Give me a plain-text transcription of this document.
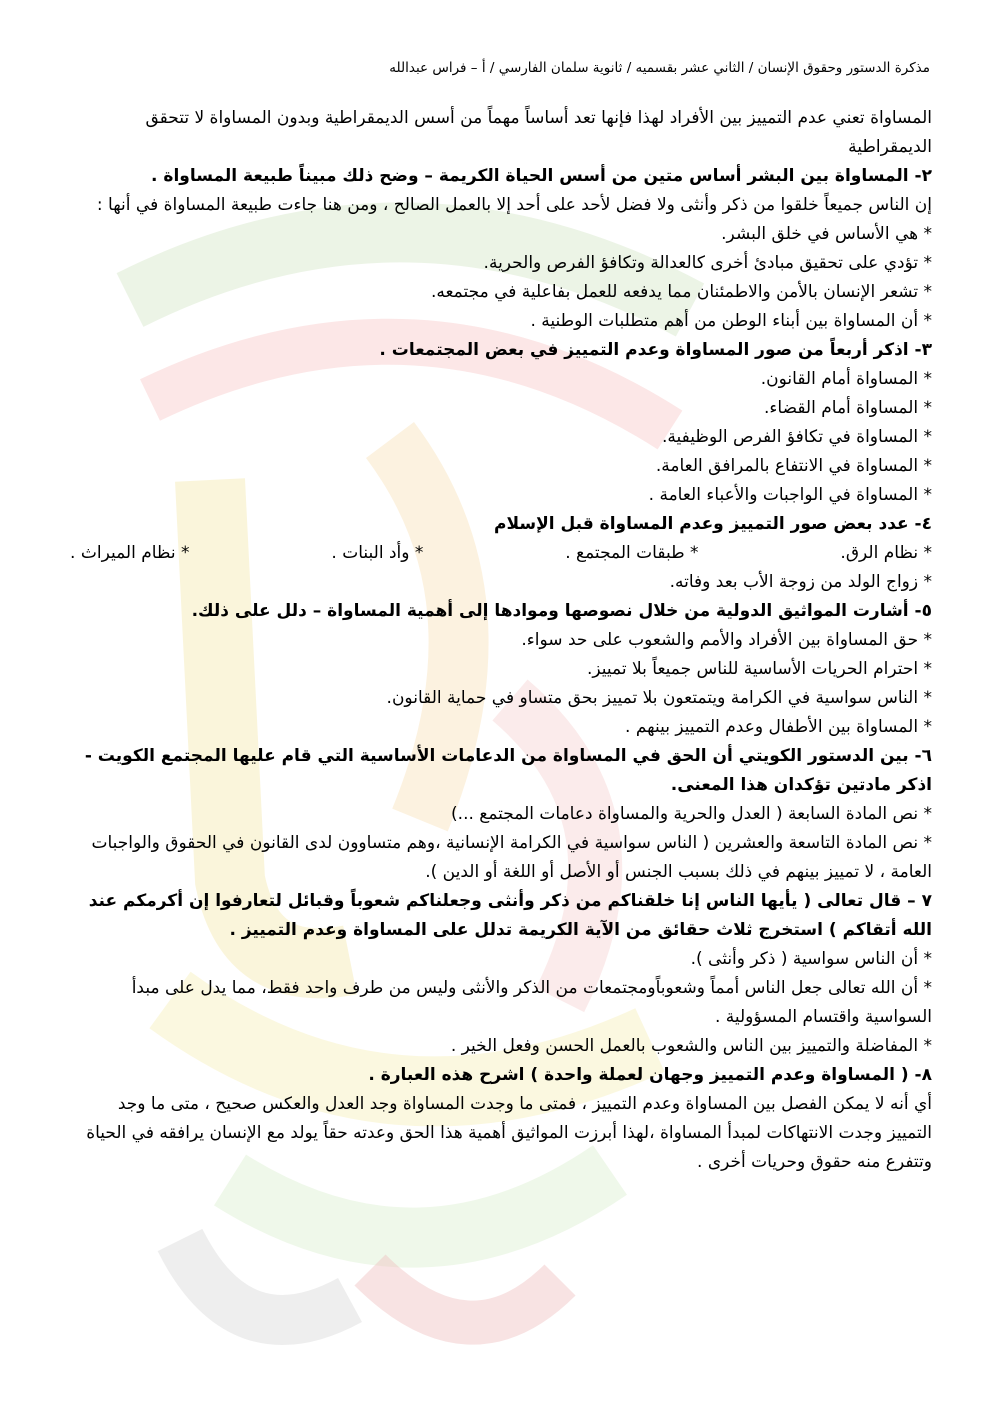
مذكرة الدستور وحقوق الإنسان / الثاني عشر بقسميه / ثانوية سلمان الفارسي / أ – فراس عبدالله

المساواة تعني عدم التمييز بين الأفراد لهذا فإنها تعد أساساً مهماً من أسس الديمقراطية وبدون المساواة لا تتحقق الديمقراطية

٢- المساواة بين البشر أساس متين من أسس الحياة الكريمة – وضح ذلك مبيناً طبيعة المساواة .

إن الناس جميعاً خلقوا من ذكر وأنثى ولا فضل لأحد على أحد إلا بالعمل الصالح ، ومن هنا جاءت طبيعة المساواة في أنها :

* هي الأساس في خلق البشر.

* تؤدي على تحقيق مبادئ أخرى كالعدالة وتكافؤ الفرص والحرية.

* تشعر الإنسان بالأمن والاطمئنان مما يدفعه للعمل بفاعلية في مجتمعه.

* أن المساواة بين أبناء الوطن من أهم متطلبات الوطنية .

٣- اذكر أربعاً من صور المساواة وعدم التمييز في بعض المجتمعات .

* المساواة أمام القانون.

* المساواة أمام القضاء.

* المساواة في تكافؤ الفرص الوظيفية.

* المساواة في الانتفاع بالمرافق العامة.

* المساواة في الواجبات والأعباء العامة .

٤- عدد بعض صور التمييز وعدم المساواة قبل الإسلام

* نظام الرق.
* طبقات المجتمع .
* وأد البنات .
* نظام الميراث .

* زواج الولد من زوجة الأب بعد وفاته.

٥- أشارت المواثيق الدولية من خلال نصوصها وموادها إلى أهمية المساواة – دلل على ذلك.

* حق المساواة بين الأفراد والأمم والشعوب على حد سواء.

* احترام الحريات الأساسية للناس جميعاً بلا تمييز.

* الناس سواسية في الكرامة ويتمتعون بلا تمييز بحق متساو في حماية القانون.

* المساواة بين الأطفال وعدم التمييز بينهم .

٦- بين الدستور الكويتي أن الحق في المساواة من الدعامات الأساسية التي قام عليها المجتمع الكويت - اذكر مادتين تؤكدان هذا المعنى.

* نص المادة السابعة ( العدل والحرية والمساواة دعامات المجتمع ...)

* نص المادة التاسعة والعشرين ( الناس سواسية في الكرامة الإنسانية ،وهم متساوون لدى القانون في الحقوق والواجبات العامة ، لا تمييز بينهم في ذلك بسبب الجنس أو الأصل أو اللغة أو الدين ).

٧ – قال تعالى ( يأيها الناس إنا خلقناكم من ذكر وأنثى وجعلناكم شعوباً وقبائل لتعارفوا إن أكرمكم عند الله أتقاكم ) استخرج ثلاث حقائق من الآية الكريمة تدلل على المساواة وعدم التمييز .

* أن الناس سواسية ( ذكر وأنثى ).

* أن الله تعالى جعل الناس أمماً وشعوباًومجتمعات من الذكر والأنثى وليس من طرف واحد فقط، مما يدل على مبدأ السواسية واقتسام المسؤولية .

* المفاضلة والتمييز بين الناس والشعوب بالعمل الحسن وفعل الخير .

٨- ( المساواة وعدم التمييز وجهان لعملة واحدة ) اشرح هذه العبارة .

أي أنه لا يمكن الفصل بين المساواة وعدم التمييز ، فمتى ما وجدت المساواة وجد العدل والعكس صحيح ، متى ما وجد التمييز وجدت الانتهاكات لمبدأ المساواة ،لهذا أبرزت المواثيق أهمية هذا الحق وعدته حقاً يولد مع الإنسان يرافقه في الحياة وتتفرع منه حقوق وحريات أخرى .
